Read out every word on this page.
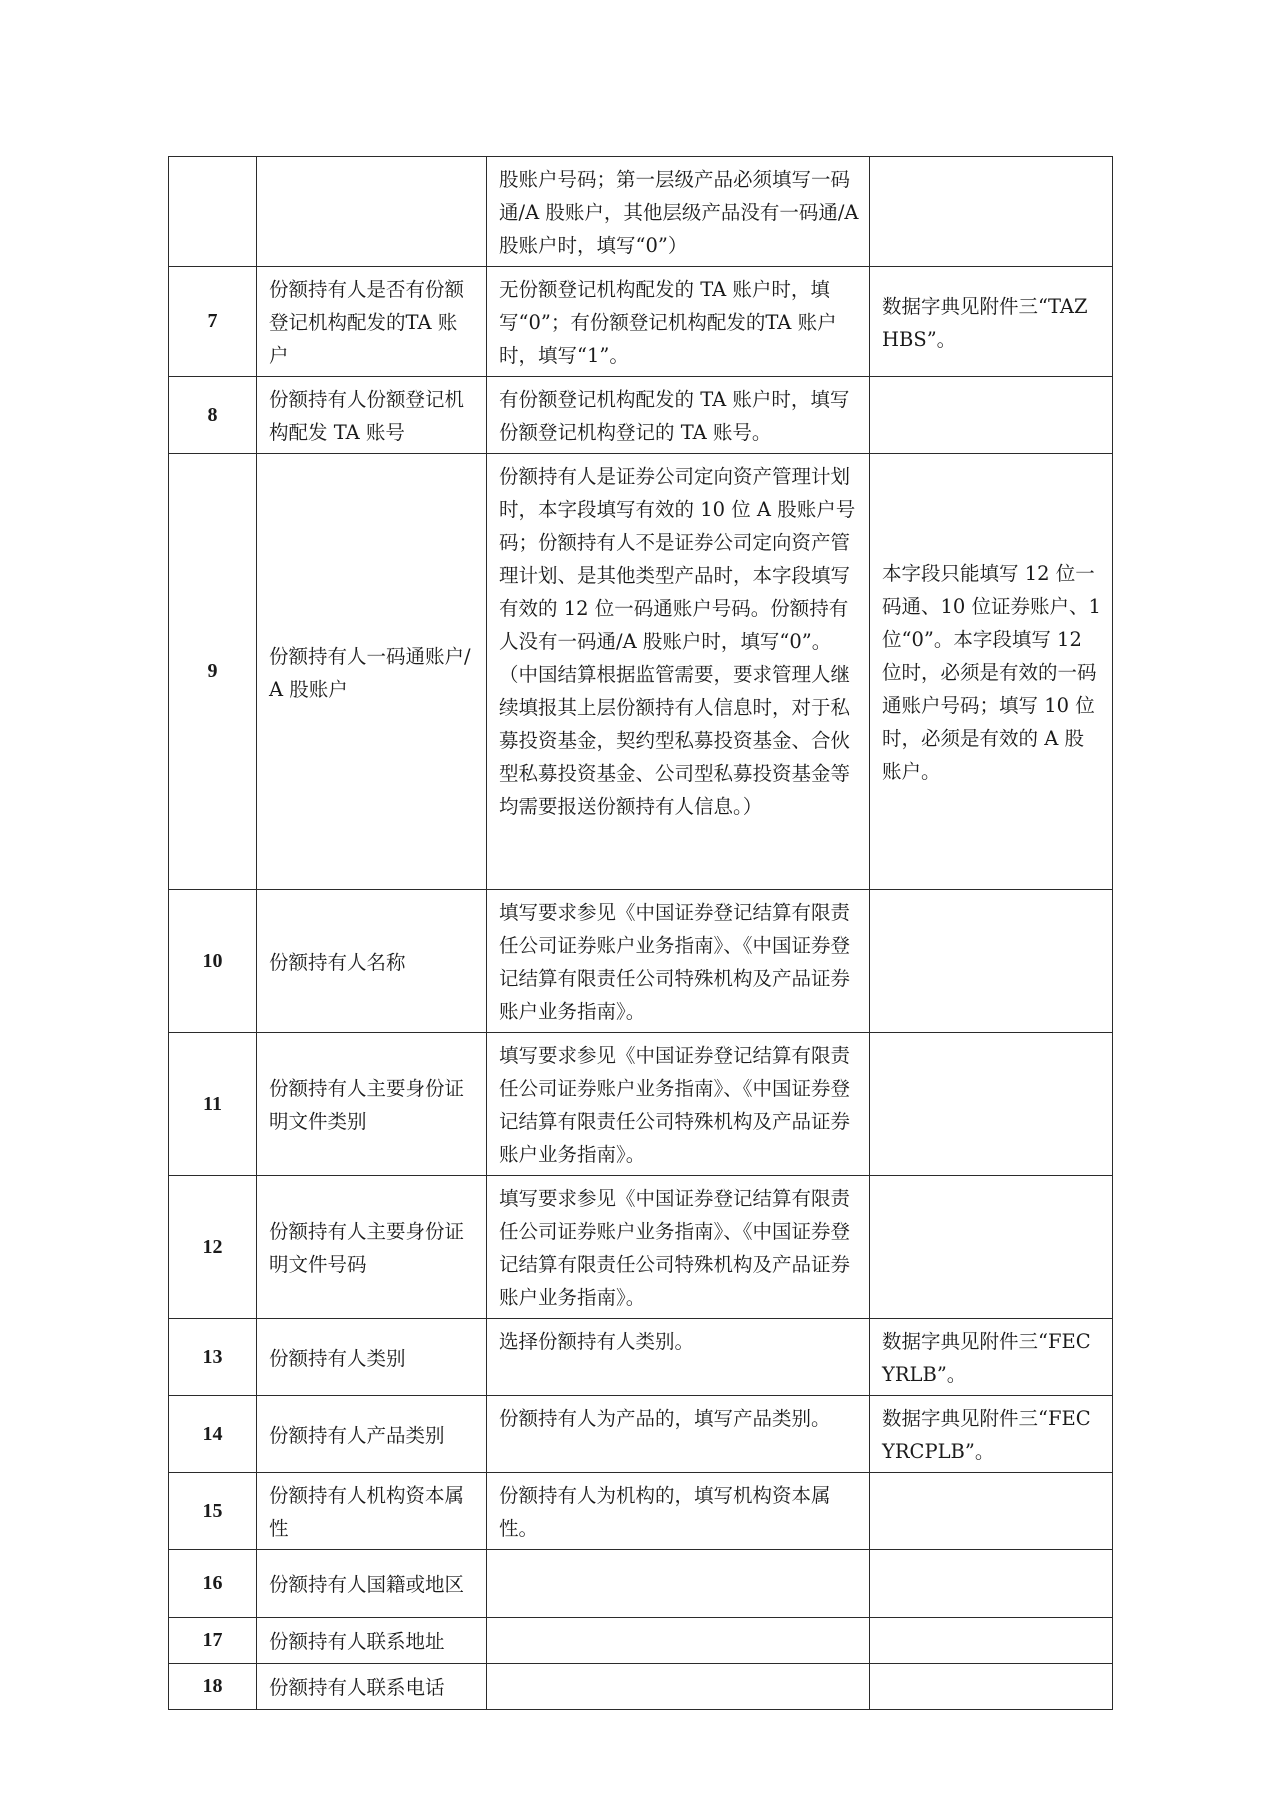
		股账户号码；第一层级产品必须填写一码通/A 股账户，其他层级产品没有一码通/A 股账户时，填写“0”）	
7	份额持有人是否有份额登记机构配发的TA 账户	无份额登记机构配发的 TA 账户时，填写“0”；有份额登记机构配发的TA 账户时，填写“1”。	数据字典见附件三“TAZHBS”。
8	份额持有人份额登记机构配发 TA 账号	有份额登记机构配发的 TA 账户时，填写份额登记机构登记的 TA 账号。	
9	份额持有人一码通账户/A 股账户	份额持有人是证券公司定向资产管理计划时，本字段填写有效的 10 位 A 股账户号码；份额持有人不是证券公司定向资产管理计划、是其他类型产品时，本字段填写有效的 12 位一码通账户号码。份额持有人没有一码通/A 股账户时，填写“0”。（中国结算根据监管需要，要求管理人继续填报其上层份额持有人信息时，对于私募投资基金，契约型私募投资基金、合伙型私募投资基金、公司型私募投资基金等均需要报送份额持有人信息。）	本字段只能填写 12 位一码通、10 位证券账户、1 位“0”。本字段填写 12 位时，必须是有效的一码通账户号码；填写 10 位时，必须是有效的 A 股账户。
10	份额持有人名称	填写要求参见《中国证券登记结算有限责任公司证券账户业务指南》、《中国证券登记结算有限责任公司特殊机构及产品证券账户业务指南》。	
11	份额持有人主要身份证明文件类别	填写要求参见《中国证券登记结算有限责任公司证券账户业务指南》、《中国证券登记结算有限责任公司特殊机构及产品证券账户业务指南》。	
12	份额持有人主要身份证明文件号码	填写要求参见《中国证券登记结算有限责任公司证券账户业务指南》、《中国证券登记结算有限责任公司特殊机构及产品证券账户业务指南》。	
13	份额持有人类别	选择份额持有人类别。	数据字典见附件三“FECYRLB”。
14	份额持有人产品类别	份额持有人为产品的，填写产品类别。	数据字典见附件三“FECYRCPLB”。
15	份额持有人机构资本属性	份额持有人为机构的，填写机构资本属性。	
16	份额持有人国籍或地区		
17	份额持有人联系地址		
18	份额持有人联系电话		
